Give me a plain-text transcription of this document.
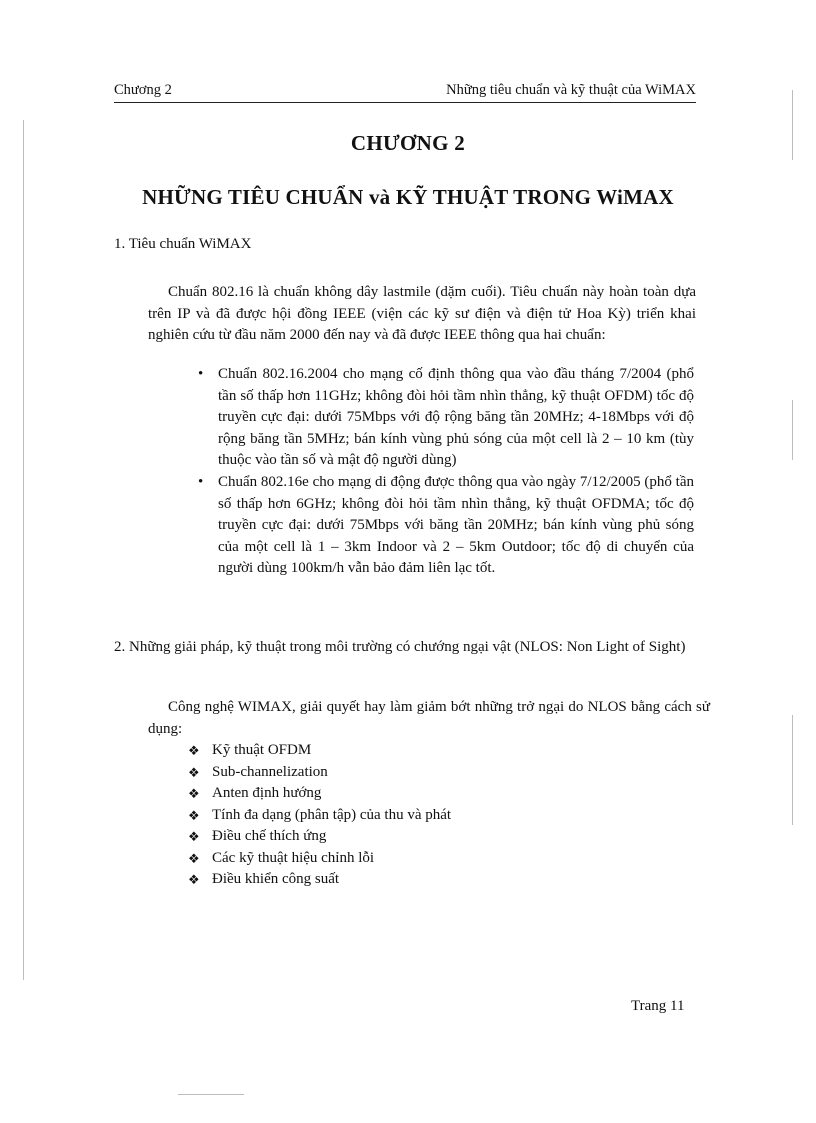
Chương 2	Những tiêu chuẩn và kỹ thuật của WiMAX
CHƯƠNG 2
NHỮNG TIÊU CHUẨN và KỸ THUẬT TRONG WiMAX
1. Tiêu chuẩn WiMAX
Chuẩn 802.16 là chuẩn không dây lastmile (dặm cuối). Tiêu chuẩn này hoàn toàn dựa trên IP và đã được hội đồng IEEE (viện các kỹ sư điện và điện tử Hoa Kỳ) triển khai nghiên cứu từ đầu năm 2000 đến nay và đã được IEEE thông qua hai chuẩn:
• Chuẩn 802.16.2004 cho mạng cố định thông qua vào đầu tháng 7/2004 (phổ tần số thấp hơn 11GHz; không đòi hỏi tầm nhìn thẳng, kỹ thuật OFDM) tốc độ truyền cực đại: dưới 75Mbps với độ rộng băng tần 20MHz; 4-18Mbps với độ rộng băng tần 5MHz; bán kính vùng phủ sóng của một cell là 2 – 10 km (tùy thuộc vào tần số và mật độ người dùng)
• Chuẩn 802.16e cho mạng di động được thông qua vào ngày 7/12/2005 (phổ tần số thấp hơn 6GHz; không đòi hỏi tầm nhìn thẳng, kỹ thuật OFDMA; tốc độ truyền cực đại: dưới 75Mbps với băng tần 20MHz; bán kính vùng phủ sóng của một cell là 1 – 3km Indoor và 2 – 5km Outdoor; tốc độ di chuyển của người dùng 100km/h vẫn bảo đảm liên lạc tốt.
2. Những giải pháp, kỹ thuật trong môi trường có chướng ngại vật (NLOS: Non Light of Sight)
Công nghệ WIMAX, giải quyết hay làm giảm bớt những trở ngại do NLOS bằng cách sử dụng:
❖ Kỹ thuật OFDM
❖ Sub-channelization
❖ Anten định hướng
❖ Tính đa dạng (phân tập) của thu và phát
❖ Điều chế thích ứng
❖ Các kỹ thuật hiệu chỉnh lỗi
❖ Điều khiển công suất
Trang 11
